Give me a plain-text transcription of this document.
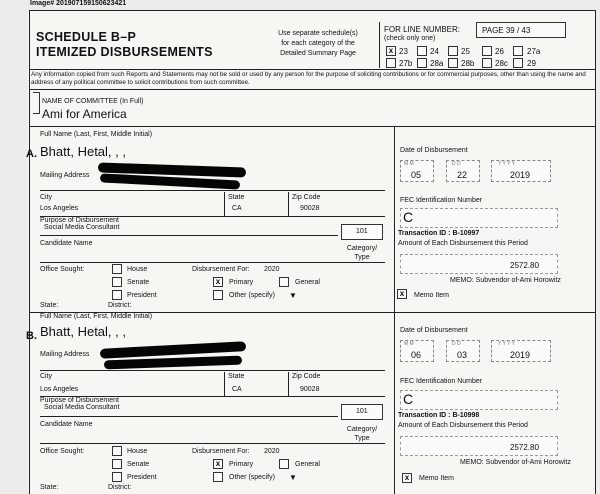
Image# 201907159150623421
SCHEDULE B–P
ITEMIZED DISBURSEMENTS
Use separate schedule(s)
for each category of the
Detailed Summary Page
FOR LINE NUMBER:
(check only one)
PAGE 39 / 43
x 23	24	25	26	27a
27b 28a 28b	28c 29
Any information copied from such Reports and Statements may not be sold or used by any person for the purpose of soliciting contributions or for commercial purposes, other than using the name and address of any political committee to solicit contributions from such committee.
NAME OF COMMITTEE (In Full)
Ami for America
Full Name (Last, First, Middle Initial)
A. Bhatt, Hetal, , ,
Mailing Address
City	State	Zip Code
Los Angeles	CA	90028
Purpose of Disbursement
Social Media Consultant
101
Candidate Name
Category/
Type
Office Sought:	House
Senate
President
State:	District:
Disbursement For: 2020
x	Primary	General
Other (specify) ▼
Date of Disbursement
M M
05
D D
22
Y Y Y Y
2019
FEC Identification Number
C
Transaction ID : B-10997
Amount of Each Disbursement this Period
2572.80
MEMO: Subvendor of-Ami Horowitz
x	Memo Item
Full Name (Last, First, Middle Initial)
B. Bhatt, Hetal, , ,
Mailing Address
City	State	Zip Code
Los Angeles	CA	90028
Purpose of Disbursement
Social Media Consultant
101
Candidate Name
Category/
Type
Office Sought:	House
Senate
President
State:	District:
Disbursement For: 2020
x	Primary	General
Other (specify) ▼
Date of Disbursement
M M
06
D D
03
Y Y Y Y
2019
FEC Identification Number
C
Transaction ID : B-10998
Amount of Each Disbursement this Period
2572.80
MEMO: Subvendor of-Ami Horowitz
x	Memo Item
